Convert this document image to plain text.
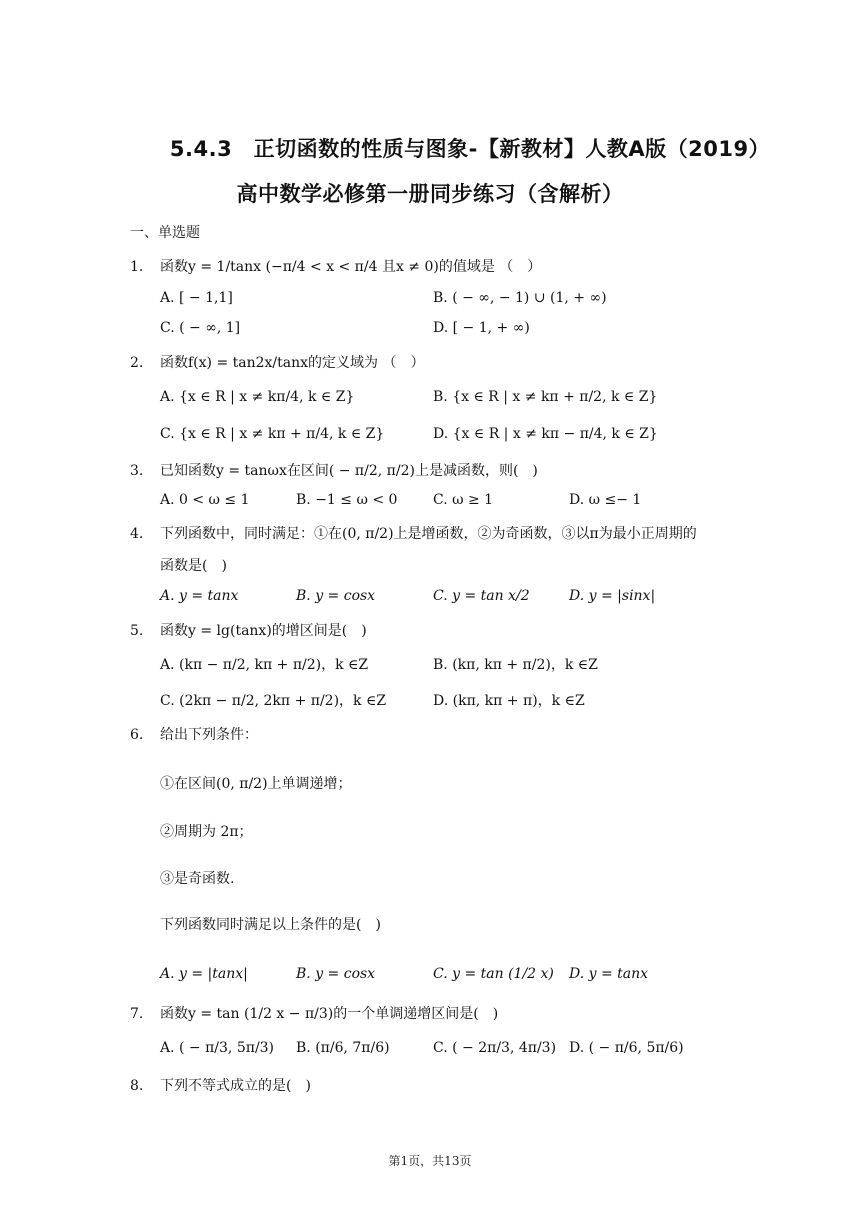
5.4.3　正切函数的性质与图象-【新教材】人教A版（2019）
高中数学必修第一册同步练习（含解析）
一、单选题
1. 函数y = 1/tanx (−π/4 < x < π/4 且x ≠ 0)的值域是 （　）
A. [ − 1,1]	B. ( − ∞, − 1) ∪ (1, + ∞)
C. ( − ∞, 1]	D. [ − 1, + ∞)
2. 函数f(x) = tan2x/tanx的定义域为 （　）
A. {x ∈ R | x ≠ kπ/4, k ∈ Z}	B. {x ∈ R | x ≠ kπ + π/2, k ∈ Z}
C. {x ∈ R | x ≠ kπ + π/4, k ∈ Z}	D. {x ∈ R | x ≠ kπ − π/4, k ∈ Z}
3. 已知函数y = tanωx在区间( − π/2, π/2)上是减函数，则(　)
A. 0 < ω ≤ 1	B. −1 ≤ ω < 0	C. ω ≥ 1	D. ω ≤− 1
4. 下列函数中，同时满足：①在(0, π/2)上是增函数，②为奇函数，③以π为最小正周期的
函数是(　)
A. y = tanx	B. y = cosx	C. y = tan x/2	D. y = |sinx|
5. 函数y = lg(tanx)的增区间是(　)
A. (kπ − π/2, kπ + π/2)，k ∈Z	B. (kπ, kπ + π/2)，k ∈Z
C. (2kπ − π/2, 2kπ + π/2)，k ∈Z	D. (kπ, kπ + π)，k ∈Z
6. 给出下列条件：
①在区间(0, π/2)上单调递增；
②周期为 2π；
③是奇函数.
下列函数同时满足以上条件的是(　)
A. y = |tanx|	B. y = cosx	C. y = tan (1/2 x) D. y = tanx
7. 函数y = tan (1/2 x − π/3)的一个单调递增区间是(　)
A. ( − π/3, 5π/3) B. (π/6, 7π/6)	C. ( − 2π/3, 4π/3) D. ( − π/6, 5π/6)
8. 下列不等式成立的是(　)
第1页，共13页
